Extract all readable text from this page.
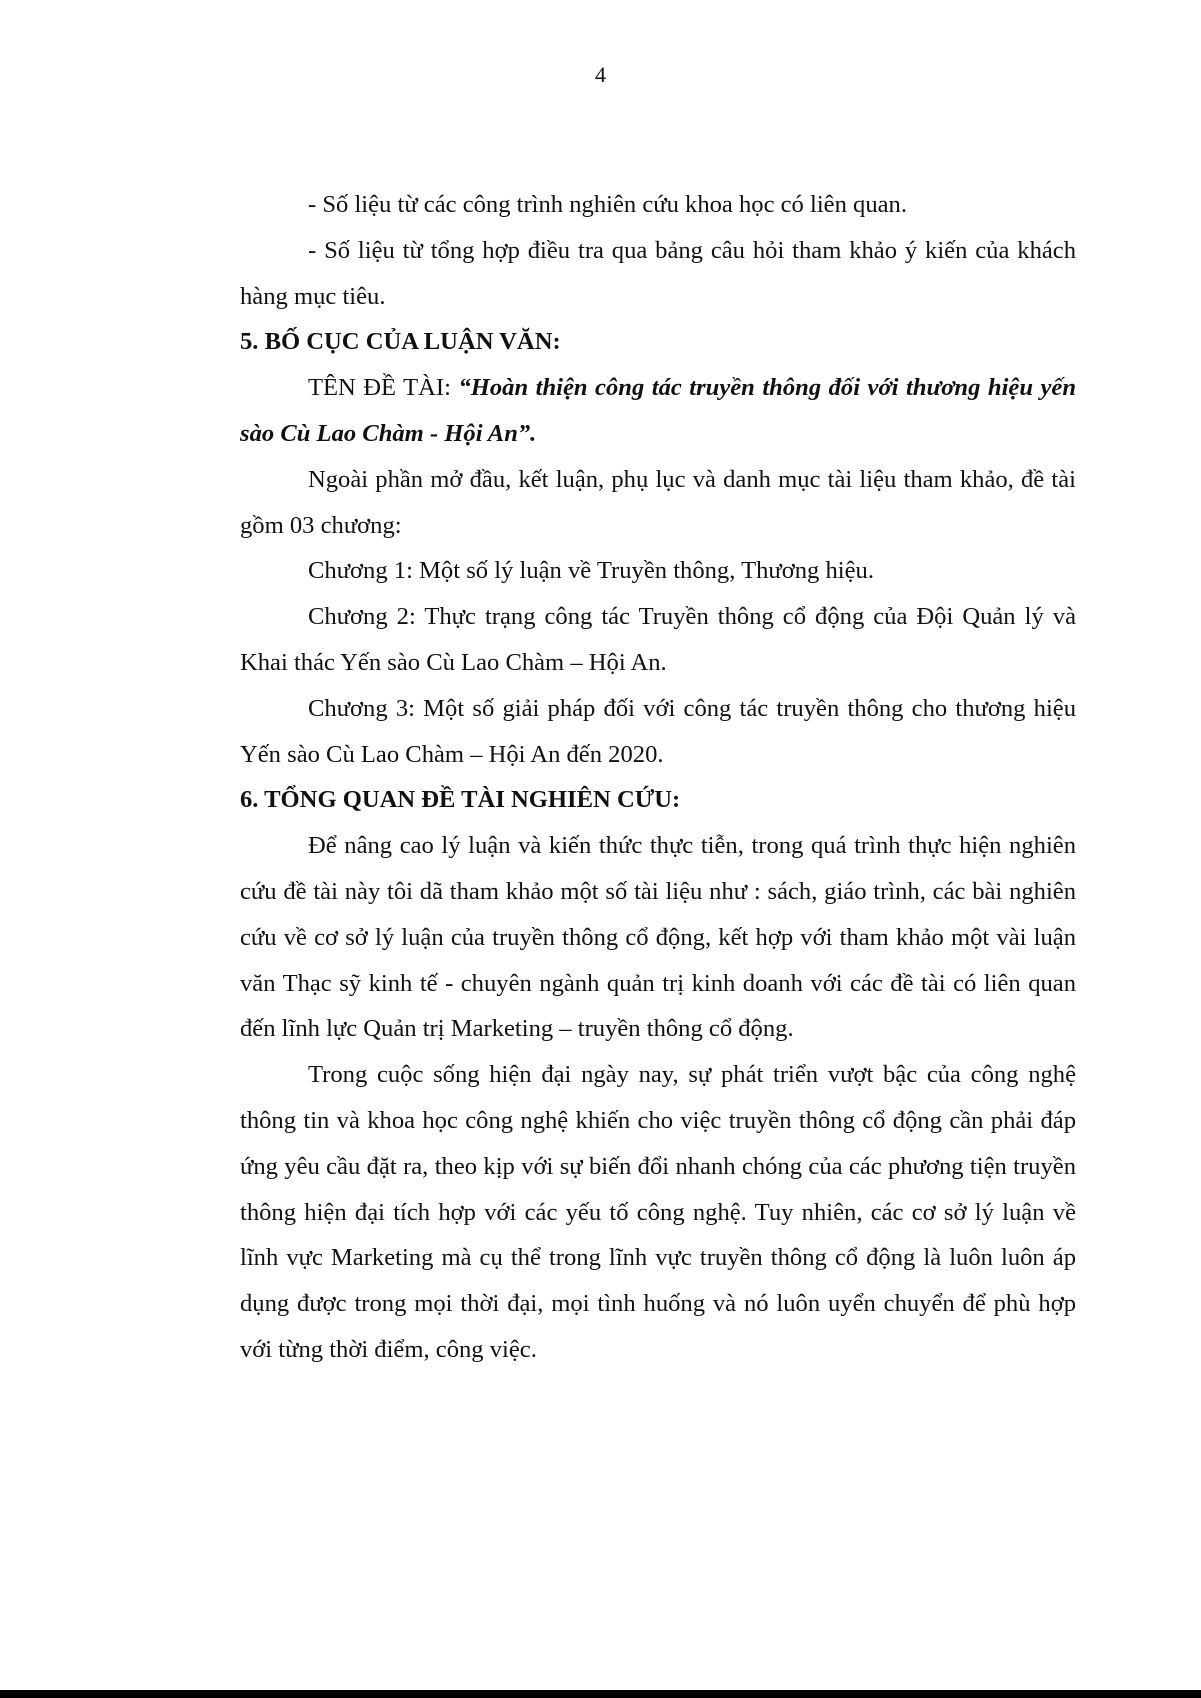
4

- Số liệu từ các công trình nghiên cứu khoa học có liên quan.

- Số liệu từ tổng hợp điều tra qua bảng câu hỏi tham khảo ý kiến của khách hàng mục tiêu.

5. BỐ CỤC CỦA LUẬN VĂN:

TÊN ĐỀ TÀI: “Hoàn thiện công tác truyền thông đối với thương hiệu yến sào Cù Lao Chàm - Hội An”.

Ngoài phần mở đầu, kết luận, phụ lục và danh mục tài liệu tham khảo, đề tài gồm 03 chương:

Chương 1: Một số lý luận về Truyền thông, Thương hiệu.

Chương 2: Thực trạng công tác Truyền thông cổ động của Đội Quản lý và Khai thác Yến sào Cù Lao Chàm – Hội An.

Chương 3: Một số giải pháp đối với công tác truyền thông cho thương hiệu Yến sào Cù Lao Chàm – Hội An đến 2020.

6. TỔNG QUAN ĐỀ TÀI NGHIÊN CỨU:

Để nâng cao lý luận và kiến thức thực tiễn, trong quá trình thực hiện nghiên cứu đề tài này tôi dã tham khảo một số tài liệu như : sách, giáo trình, các bài nghiên cứu về cơ sở lý luận của truyền thông cổ động, kết hợp với tham khảo một vài luận văn Thạc sỹ kinh tế - chuyên ngành quản trị kinh doanh với các đề tài có liên quan đến lĩnh lực Quản trị Marketing – truyền thông cổ động.

Trong cuộc sống hiện đại ngày nay, sự phát triển vượt bậc của công nghệ thông tin và khoa học công nghệ khiến cho việc truyền thông cổ động cần phải đáp ứng yêu cầu đặt ra, theo kịp với sự biến đổi nhanh chóng của các phương tiện truyền thông hiện đại tích hợp với các yếu tố công nghệ. Tuy nhiên, các cơ sở lý luận về lĩnh vực Marketing mà cụ thể trong lĩnh vực truyền thông cổ động là luôn luôn áp dụng được trong mọi thời đại, mọi tình huống và nó luôn uyển chuyển để phù hợp với từng thời điểm, công việc.
